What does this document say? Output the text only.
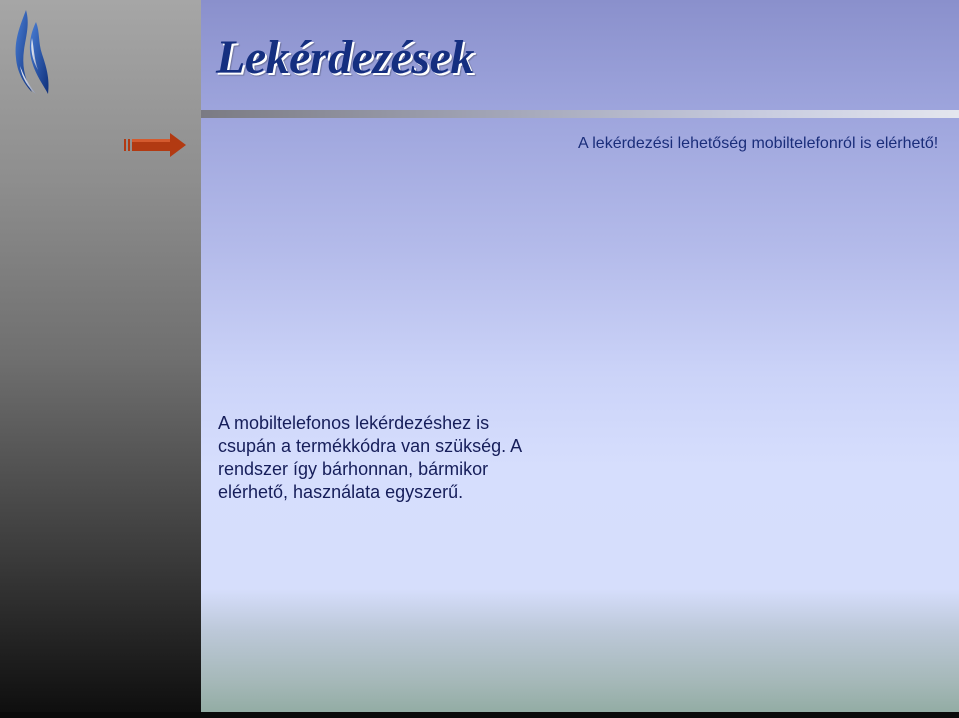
Lekérdezések
A lekérdezési lehetőség mobiltelefonról is elérhető!
A mobiltelefonos lekérdezéshez is csupán a termékkódra van szükség. A rendszer így bárhonnan, bármikor elérhető, használata egyszerű.
